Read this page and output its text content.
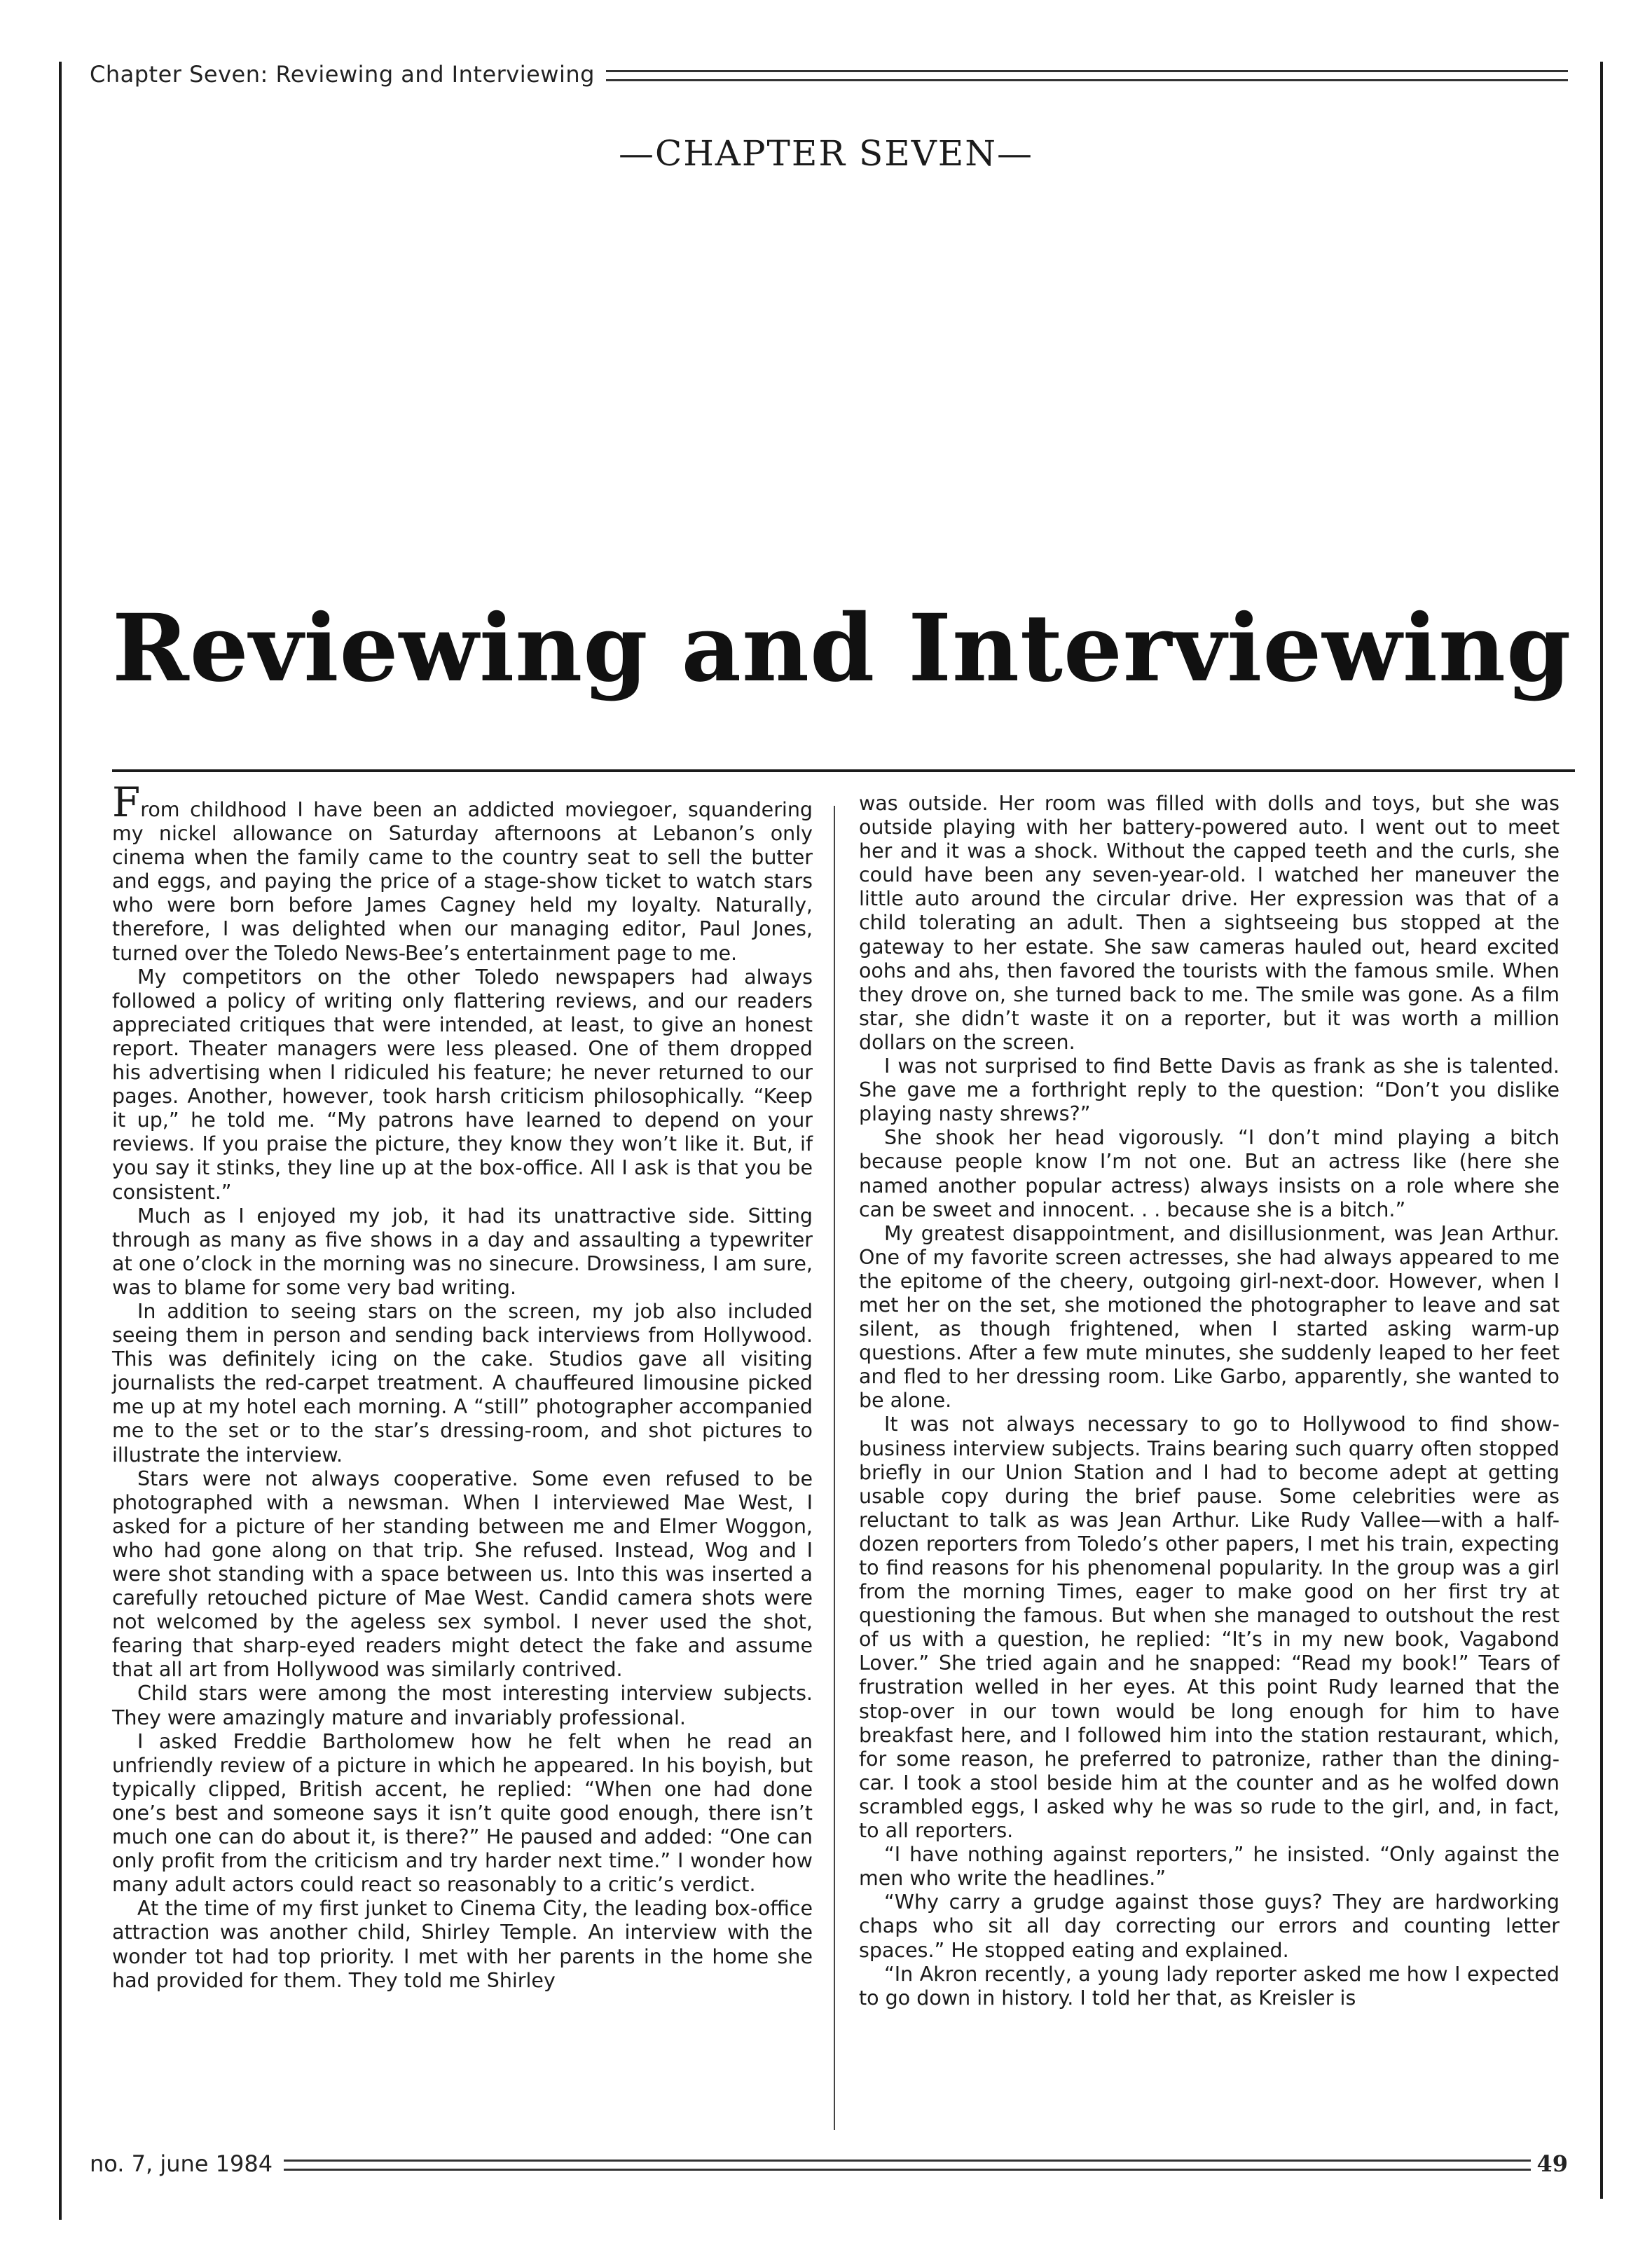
Chapter Seven: Reviewing and Interviewing
—CHAPTER SEVEN—
Reviewing and Interviewing

From childhood I have been an addicted moviegoer, squandering my nickel allowance on Saturday afternoons at Lebanon’s only cinema when the family came to the country seat to sell the butter and eggs, and paying the price of a stage-show ticket to watch stars who were born before James Cagney held my loyalty. Naturally, therefore, I was delighted when our managing editor, Paul Jones, turned over the Toledo News-Bee’s entertainment page to me.

My competitors on the other Toledo newspapers had always followed a policy of writing only flattering reviews, and our readers appreciated critiques that were intended, at least, to give an honest report. Theater managers were less pleased. One of them dropped his advertising when I ridiculed his feature; he never returned to our pages. Another, however, took harsh criticism philosophically. “Keep it up,” he told me. “My patrons have learned to depend on your reviews. If you praise the picture, they know they won’t like it. But, if you say it stinks, they line up at the box-office. All I ask is that you be consistent.”

Much as I enjoyed my job, it had its unattractive side. Sitting through as many as five shows in a day and assaulting a typewriter at one o’clock in the morning was no sinecure. Drowsiness, I am sure, was to blame for some very bad writing.

In addition to seeing stars on the screen, my job also included seeing them in person and sending back interviews from Hollywood. This was definitely icing on the cake. Studios gave all visiting journalists the red-carpet treatment. A chauffeured limousine picked me up at my hotel each morning. A “still” photographer accompanied me to the set or to the star’s dressing-room, and shot pictures to illustrate the interview.

Stars were not always cooperative. Some even refused to be photographed with a newsman. When I interviewed Mae West, I asked for a picture of her standing between me and Elmer Woggon, who had gone along on that trip. She refused. Instead, Wog and I were shot standing with a space between us. Into this was inserted a carefully retouched picture of Mae West. Candid camera shots were not welcomed by the ageless sex symbol. I never used the shot, fearing that sharp-eyed readers might detect the fake and assume that all art from Hollywood was similarly contrived.

Child stars were among the most interesting interview subjects. They were amazingly mature and invariably professional.

I asked Freddie Bartholomew how he felt when he read an unfriendly review of a picture in which he appeared. In his boyish, but typically clipped, British accent, he replied: “When one had done one’s best and someone says it isn’t quite good enough, there isn’t much one can do about it, is there?” He paused and added: “One can only profit from the criticism and try harder next time.” I wonder how many adult actors could react so reasonably to a critic’s verdict.

At the time of my first junket to Cinema City, the leading box-office attraction was another child, Shirley Temple. An interview with the wonder tot had top priority. I met with her parents in the home she had provided for them. They told me Shirley

was outside. Her room was filled with dolls and toys, but she was outside playing with her battery-powered auto. I went out to meet her and it was a shock. Without the capped teeth and the curls, she could have been any seven-year-old. I watched her maneuver the little auto around the circular drive. Her expression was that of a child tolerating an adult. Then a sightseeing bus stopped at the gateway to her estate. She saw cameras hauled out, heard excited oohs and ahs, then favored the tourists with the famous smile. When they drove on, she turned back to me. The smile was gone. As a film star, she didn’t waste it on a reporter, but it was worth a million dollars on the screen.

I was not surprised to find Bette Davis as frank as she is talented. She gave me a forthright reply to the question: “Don’t you dislike playing nasty shrews?”

She shook her head vigorously. “I don’t mind playing a bitch because people know I’m not one. But an actress like (here she named another popular actress) always insists on a role where she can be sweet and innocent. . . because she is a bitch.”

My greatest disappointment, and disillusionment, was Jean Arthur. One of my favorite screen actresses, she had always appeared to me the epitome of the cheery, outgoing girl-next-door. However, when I met her on the set, she motioned the photographer to leave and sat silent, as though frightened, when I started asking warm-up questions. After a few mute minutes, she suddenly leaped to her feet and fled to her dressing room. Like Garbo, apparently, she wanted to be alone.

It was not always necessary to go to Hollywood to find show-business interview subjects. Trains bearing such quarry often stopped briefly in our Union Station and I had to become adept at getting usable copy during the brief pause. Some celebrities were as reluctant to talk as was Jean Arthur. Like Rudy Vallee—with a half-dozen reporters from Toledo’s other papers, I met his train, expecting to find reasons for his phenomenal popularity. In the group was a girl from the morning Times, eager to make good on her first try at questioning the famous. But when she managed to outshout the rest of us with a question, he replied: “It’s in my new book, Vagabond Lover.” She tried again and he snapped: “Read my book!” Tears of frustration welled in her eyes. At this point Rudy learned that the stop-over in our town would be long enough for him to have breakfast here, and I followed him into the station restaurant, which, for some reason, he preferred to patronize, rather than the dining-car. I took a stool beside him at the counter and as he wolfed down scrambled eggs, I asked why he was so rude to the girl, and, in fact, to all reporters.

“I have nothing against reporters,” he insisted. “Only against the men who write the headlines.”

“Why carry a grudge against those guys? They are hardworking chaps who sit all day correcting our errors and counting letter spaces.” He stopped eating and explained.

“In Akron recently, a young lady reporter asked me how I expected to go down in history. I told her that, as Kreisler is

no. 7, june 1984	49
